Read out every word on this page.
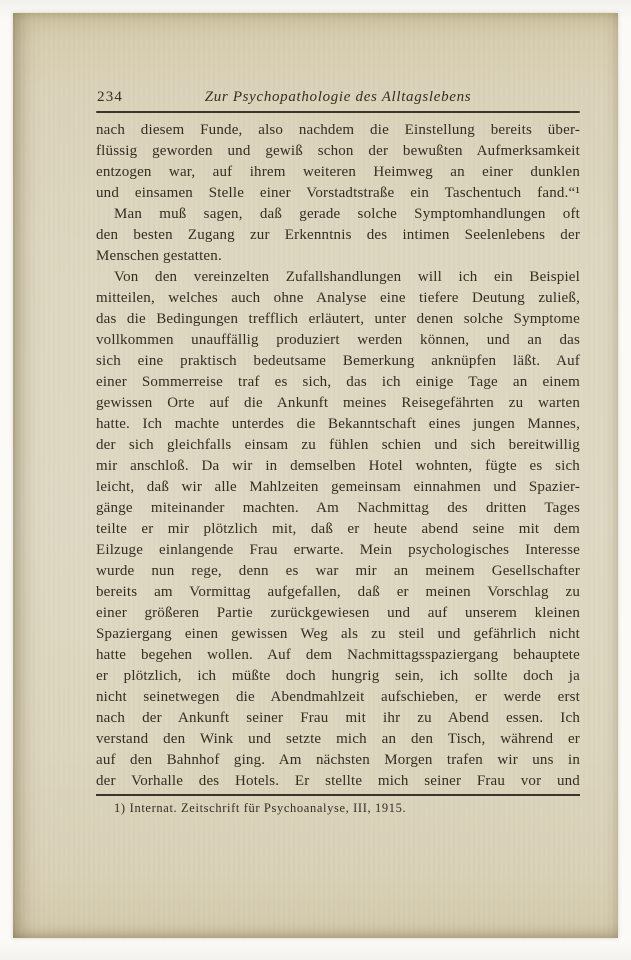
234	Zur Psychopathologie des Alltagslebens
nach diesem Funde, also nachdem die Einstellung bereits über-
flüssig geworden und gewiß schon der bewußten Aufmerksamkeit
entzogen war, auf ihrem weiteren Heimweg an einer dunklen
und einsamen Stelle einer Vorstadtstraße ein Taschentuch fand.“¹
Man muß sagen, daß gerade solche Symptomhandlungen oft
den besten Zugang zur Erkenntnis des intimen Seelenlebens der
Menschen gestatten.
Von den vereinzelten Zufallshandlungen will ich ein Beispiel
mitteilen, welches auch ohne Analyse eine tiefere Deutung zuließ,
das die Bedingungen trefflich erläutert, unter denen solche Symptome
vollkommen unauffällig produziert werden können, und an das
sich eine praktisch bedeutsame Bemerkung anknüpfen läßt. Auf
einer Sommerreise traf es sich, das ich einige Tage an einem
gewissen Orte auf die Ankunft meines Reisegefährten zu warten
hatte. Ich machte unterdes die Bekanntschaft eines jungen Mannes,
der sich gleichfalls einsam zu fühlen schien und sich bereitwillig
mir anschloß. Da wir in demselben Hotel wohnten, fügte es sich
leicht, daß wir alle Mahlzeiten gemeinsam einnahmen und Spazier-
gänge miteinander machten. Am Nachmittag des dritten Tages
teilte er mir plötzlich mit, daß er heute abend seine mit dem
Eilzuge einlangende Frau erwarte. Mein psychologisches Interesse
wurde nun rege, denn es war mir an meinem Gesellschafter
bereits am Vormittag aufgefallen, daß er meinen Vorschlag zu
einer größeren Partie zurückgewiesen und auf unserem kleinen
Spaziergang einen gewissen Weg als zu steil und gefährlich nicht
hatte begehen wollen. Auf dem Nachmittagsspaziergang behauptete
er plötzlich, ich müßte doch hungrig sein, ich sollte doch ja
nicht seinetwegen die Abendmahlzeit aufschieben, er werde erst
nach der Ankunft seiner Frau mit ihr zu Abend essen. Ich
verstand den Wink und setzte mich an den Tisch, während er
auf den Bahnhof ging. Am nächsten Morgen trafen wir uns in
der Vorhalle des Hotels. Er stellte mich seiner Frau vor und
1) Internat. Zeitschrift für Psychoanalyse, III, 1915.
